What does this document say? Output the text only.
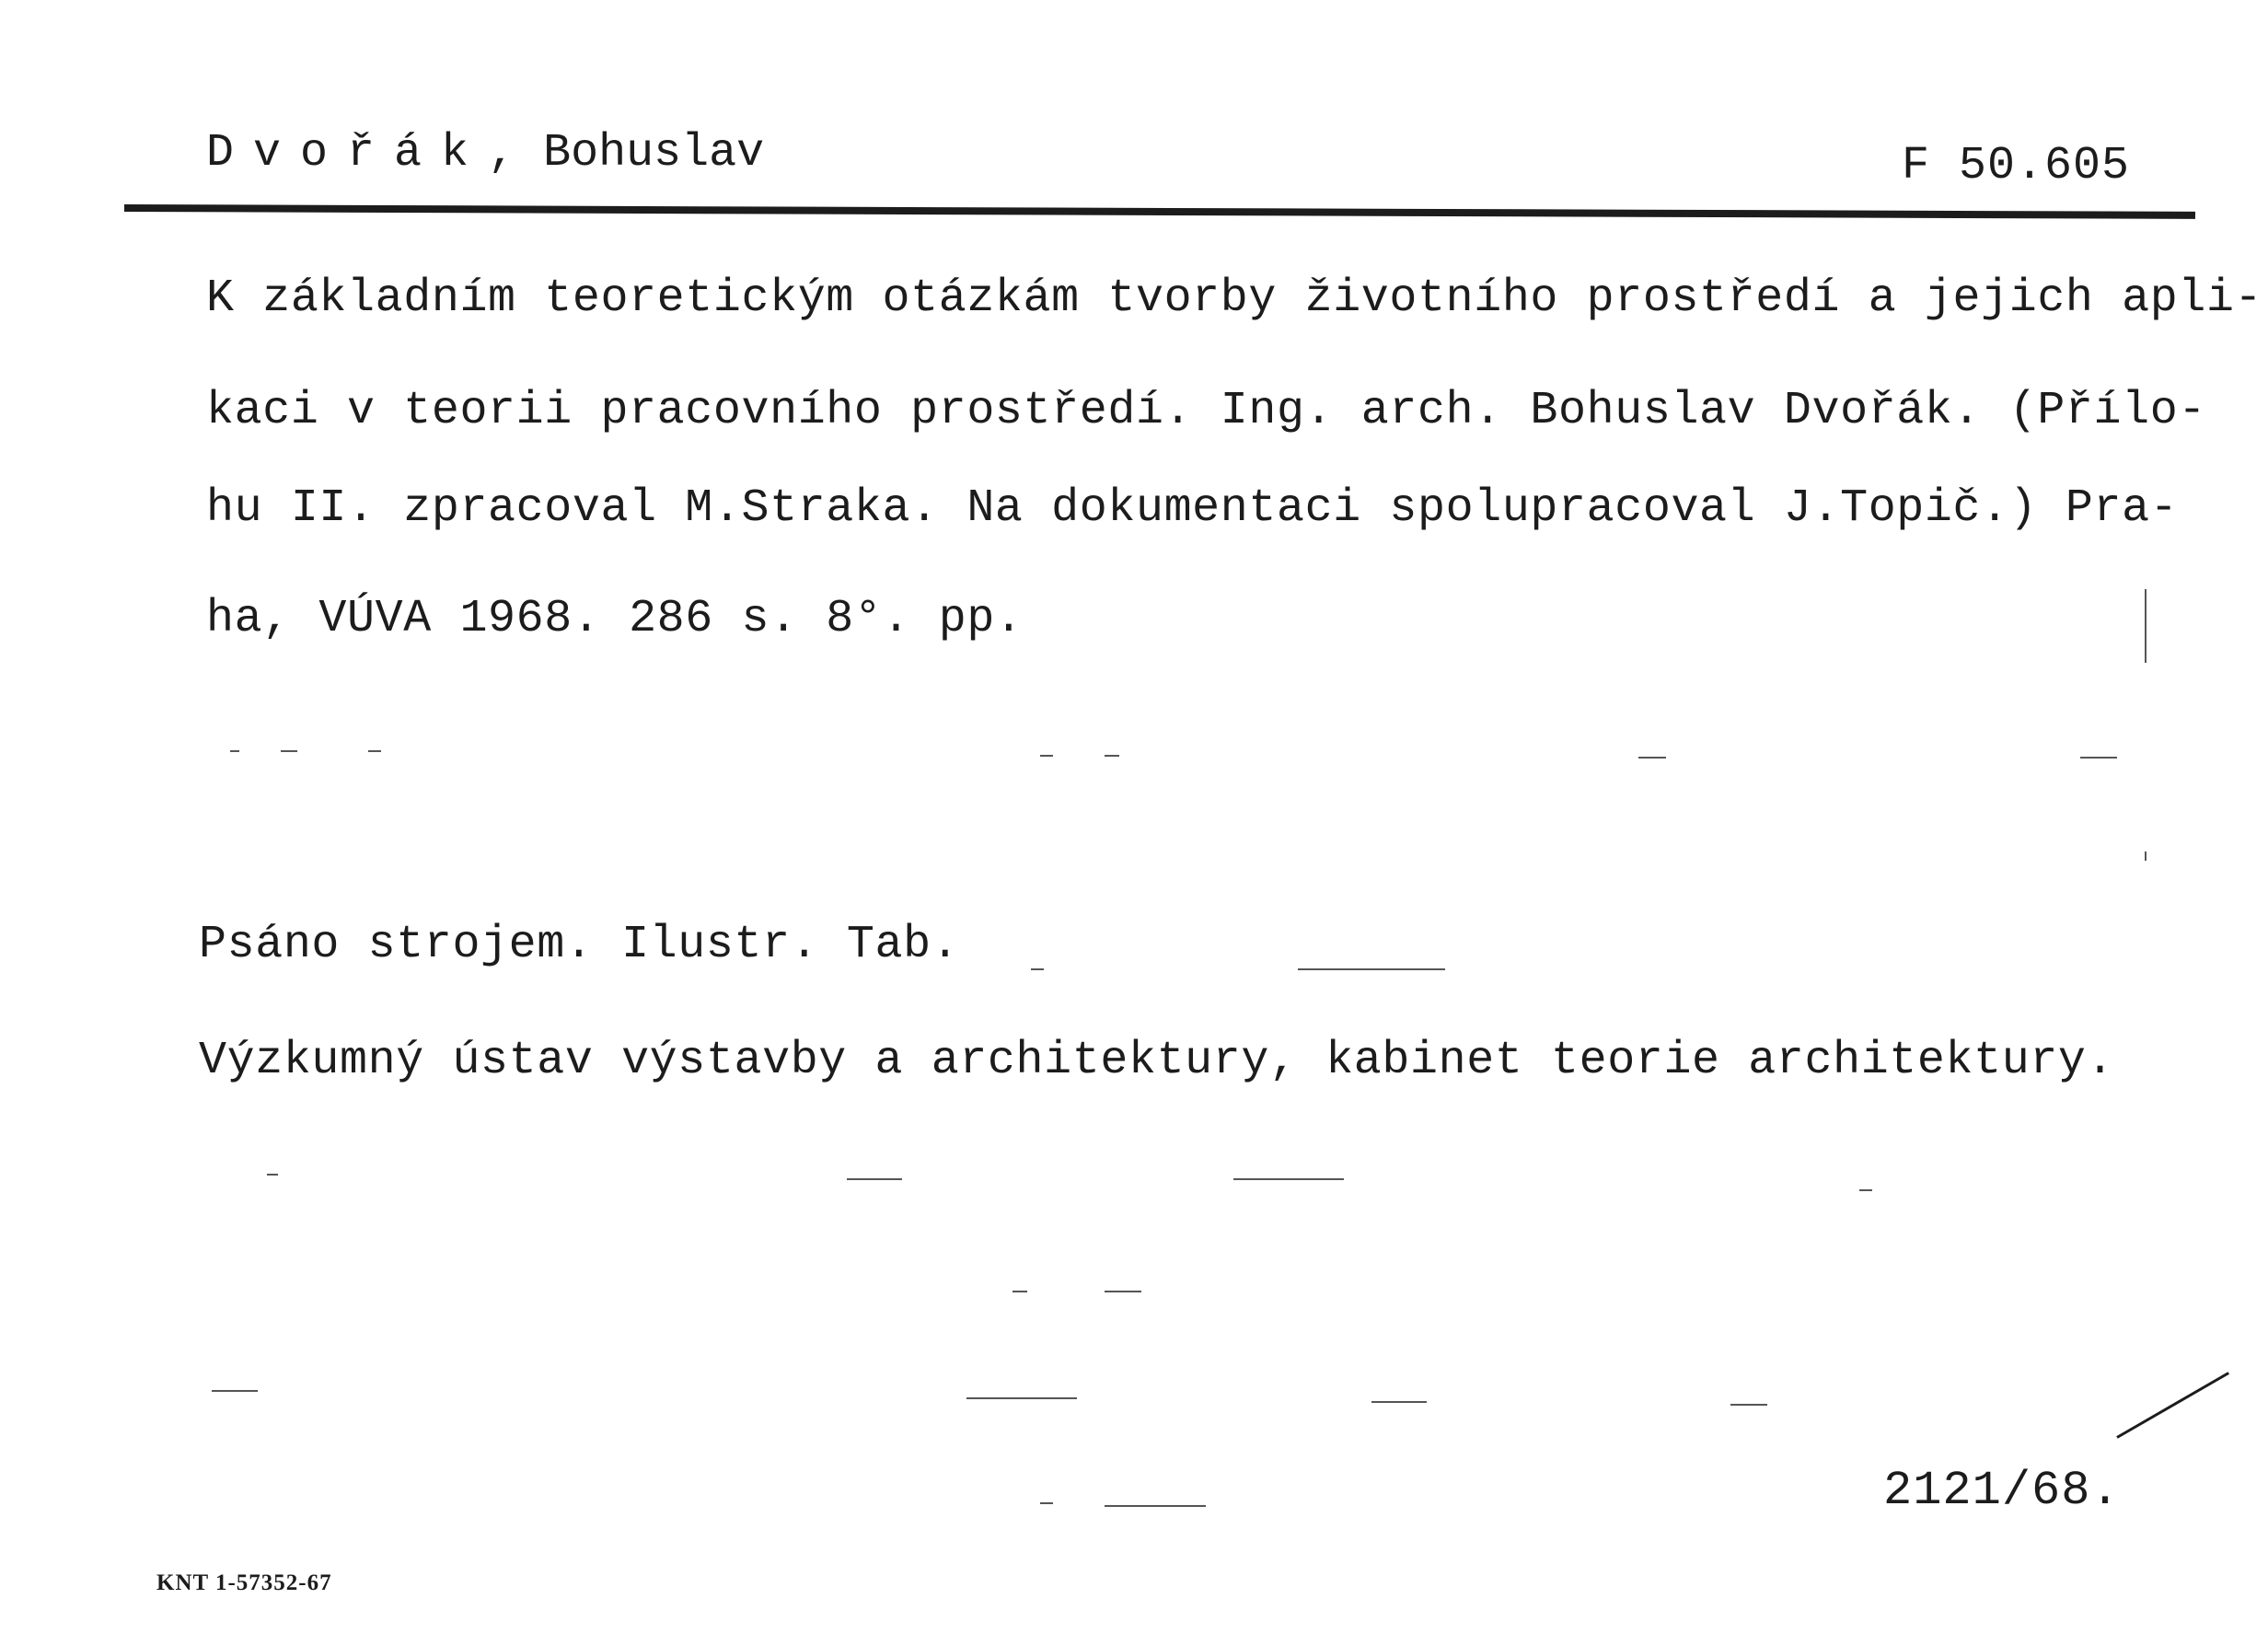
Dvořák, Bohuslav	F 50.605
K základním teoretickým otázkám tvorby životního prostředí a jejich apli-
kaci v teorii pracovního prostředí. Ing. arch. Bohuslav Dvořák. (Přílo-
hu II. zpracoval M.Straka. Na dokumentaci spolupracoval J.Topič.) Pra-
ha, VÚVA 1968. 286 s. 8°. pp.
Psáno strojem. Ilustr. Tab.
Výzkumný ústav výstavby a architektury, kabinet teorie architektury.
2121/68.
KNT 1-57352-67
